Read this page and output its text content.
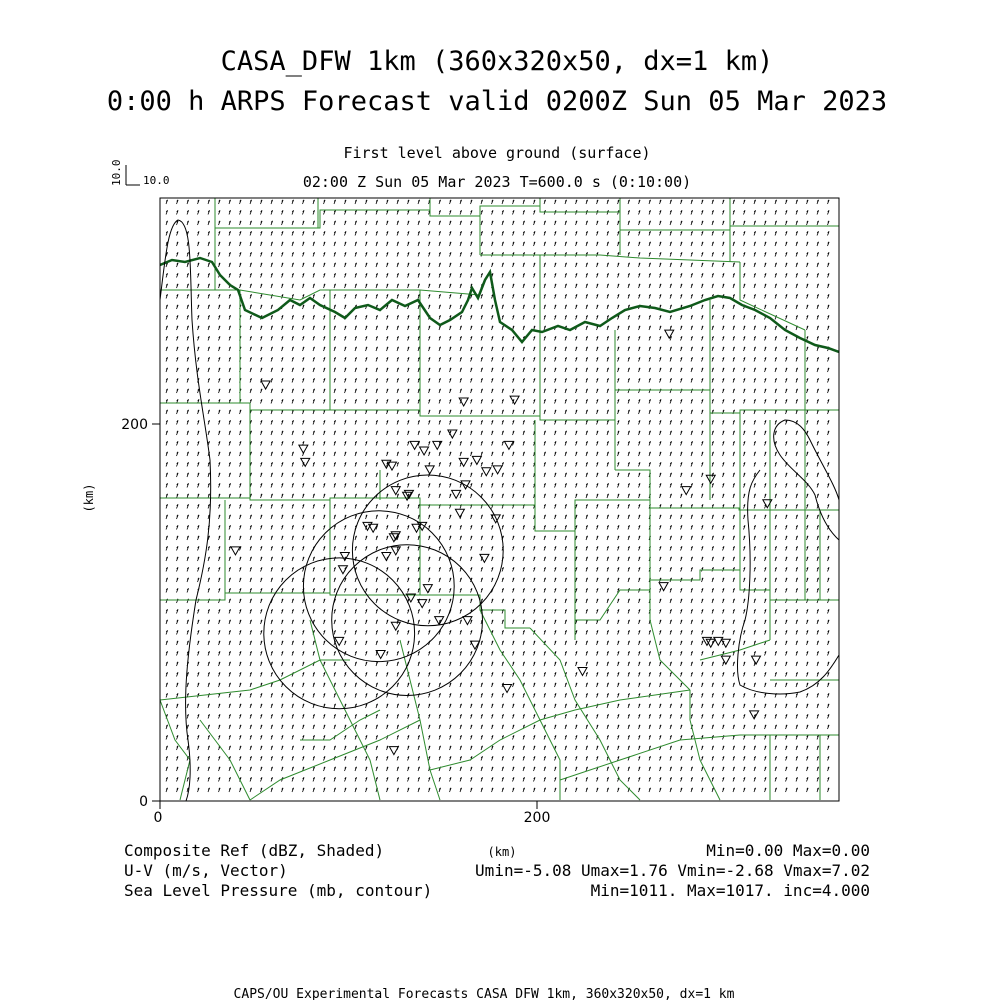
CASA_DFW 1km (360x320x50, dx=1 km)
0:00 h ARPS Forecast valid 0200Z Sun 05 Mar 2023
First level above ground (surface)
02:00 Z Sun 05 Mar 2023 T=600.0 s (0:10:00)
10.0 10.0
0	200
0
200
(km)
(km)
Composite Ref (dBZ, Shaded)	Min=0.00 Max=0.00
U-V (m/s, Vector)	Umin=-5.08 Umax=1.76 Vmin=-2.68 Vmax=7.02
Sea Level Pressure (mb, contour)	Min=1011. Max=1017. inc=4.000
CAPS/OU Experimental Forecasts CASA DFW 1km, 360x320x50, dx=1 km
